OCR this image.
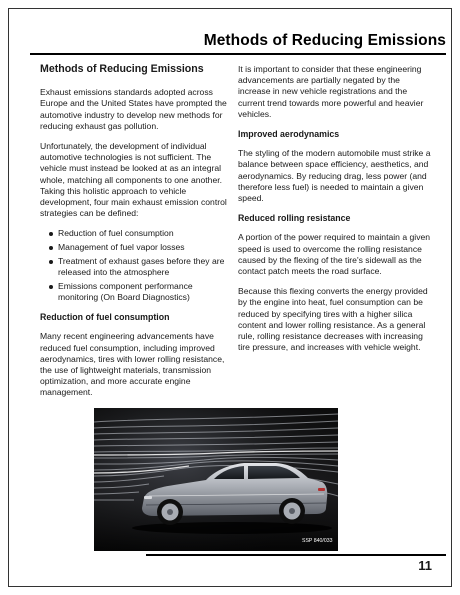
Methods of Reducing Emissions
Methods of Reducing Emissions

Exhaust emissions standards adopted across Europe and the United States have prompted the automotive industry to develop new methods for reducing exhaust gas pollution.

Unfortunately, the development of individual automotive technologies is not sufficient. The vehicle must instead be looked at as an integral whole, matching all components to one another. Taking this holistic approach to vehicle development, four main exhaust emission control strategies can be defined:

Reduction of fuel consumption
Management of fuel vapor losses
Treatment of exhaust gases before they are released into the atmosphere
Emissions component performance monitoring (On Board Diagnostics)
Reduction of fuel consumption

Many recent engineering advancements have reduced fuel consumption, including improved aerodynamics, tires with lower rolling resistance, the use of lightweight materials, transmission optimization, and more accurate engine management.

It is important to consider that these engineering advancements are partially negated by the increase in new vehicle registrations and the current trend towards more powerful and heavier vehicles.

Improved aerodynamics

The styling of the modern automobile must strike a balance between space efficiency, aesthetics, and aerodynamics. By reducing drag, less power (and therefore less fuel) is needed to maintain a given speed.

Reduced rolling resistance

A portion of the power required to maintain a given speed is used to overcome the rolling resistance caused by the flexing of the tire's sidewall as the contact patch meets the road surface.

Because this flexing converts the energy provided by the engine into heat, fuel consumption can be reduced by specifying tires with a higher silica content and lower rolling resistance. As a general rule, rolling resistance decreases with increasing tire pressure, and increases with vehicle weight.

SSP 840/033
11
